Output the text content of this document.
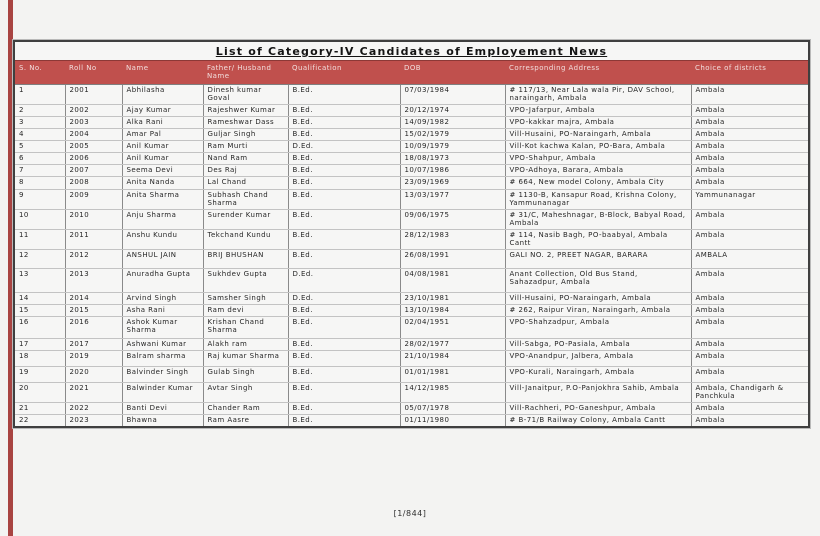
List of Category-IV Candidates of Employement News
S. No.	Roll No	Name	Father/ Husband Name	Qualification	DOB	Corresponding Address	Choice of districts
1	2001	Abhilasha	Dinesh kumar Goval	B.Ed.	07/03/1984	# 117/13, Near Lala wala Pir, DAV School, naraingarh, Ambala	Ambala
2	2002	Ajay Kumar	Rajeshwer Kumar	B.Ed.	20/12/1974	VPO-Jafarpur, Ambala	Ambala
3	2003	Alka Rani	Rameshwar Dass	B.Ed.	14/09/1982	VPO-kakkar majra, Ambala	Ambala
4	2004	Amar Pal	Guljar Singh	B.Ed.	15/02/1979	Vill-Husaini, PO-Naraingarh, Ambala	Ambala
5	2005	Anil Kumar	Ram Murti	D.Ed.	10/09/1979	Vill-Kot kachwa Kalan, PO-Bara, Ambala	Ambala
6	2006	Anil Kumar	Nand Ram	B.Ed.	18/08/1973	VPO-Shahpur, Ambala	Ambala
7	2007	Seema Devi	Des Raj	B.Ed.	10/07/1986	VPO-Adhoya, Barara, Ambala	Ambala
8	2008	Anita Nanda	Lal Chand	B.Ed.	23/09/1969	# 664, New model Colony, Ambala City	Ambala
9	2009	Anita Sharma	Subhash Chand Sharma	B.Ed.	13/03/1977	# 1130-B, Kansapur Road, Krishna Colony, Yammunanagar	Yammunanagar
10	2010	Anju Sharma	Surender Kumar	B.Ed.	09/06/1975	# 31/C, Maheshnagar, B-Block, Babyal Road, Ambala	Ambala
11	2011	Anshu Kundu	Tekchand Kundu	B.Ed.	28/12/1983	# 114, Nasib Bagh, PO-baabyal, Ambala Cantt	Ambala
12	2012	ANSHUL JAIN	BRIJ BHUSHAN	B.Ed.	26/08/1991	GALI NO. 2, PREET NAGAR, BARARA	AMBALA
13	2013	Anuradha Gupta	Sukhdev Gupta	D.Ed.	04/08/1981	Anant Collection, Old Bus Stand, Sahazadpur, Ambala	Ambala
14	2014	Arvind Singh	Samsher Singh	D.Ed.	23/10/1981	Vill-Husaini, PO-Naraingarh, Ambala	Ambala
15	2015	Asha Rani	Ram devi	B.Ed.	13/10/1984	# 262, Raipur Viran, Naraingarh, Ambala	Ambala
16	2016	Ashok Kumar Sharma	Krishan Chand Sharma	B.Ed.	02/04/1951	VPO-Shahzadpur, Ambala	Ambala
17	2017	Ashwani Kumar	Alakh ram	B.Ed.	28/02/1977	Vill-Sabga, PO-Pasiala, Ambala	Ambala
18	2019	Balram sharma	Raj kumar Sharma	B.Ed.	21/10/1984	VPO-Anandpur, Jalbera, Ambala	Ambala
19	2020	Balvinder Singh	Gulab Singh	B.Ed.	01/01/1981	VPO-Kurali, Naraingarh, Ambala	Ambala
20	2021	Balwinder Kumar	Avtar Singh	B.Ed.	14/12/1985	Vill-Janaitpur, P.O-Panjokhra Sahib, Ambala	Ambala, Chandigarh & Panchkula
21	2022	Banti Devi	Chander Ram	B.Ed.	05/07/1978	Vill-Rachheri, PO-Ganeshpur, Ambala	Ambala
22	2023	Bhawna	Ram Aasre	B.Ed.	01/11/1980	# B-71/B Railway Colony, Ambala Cantt	Ambala
[1/844]
